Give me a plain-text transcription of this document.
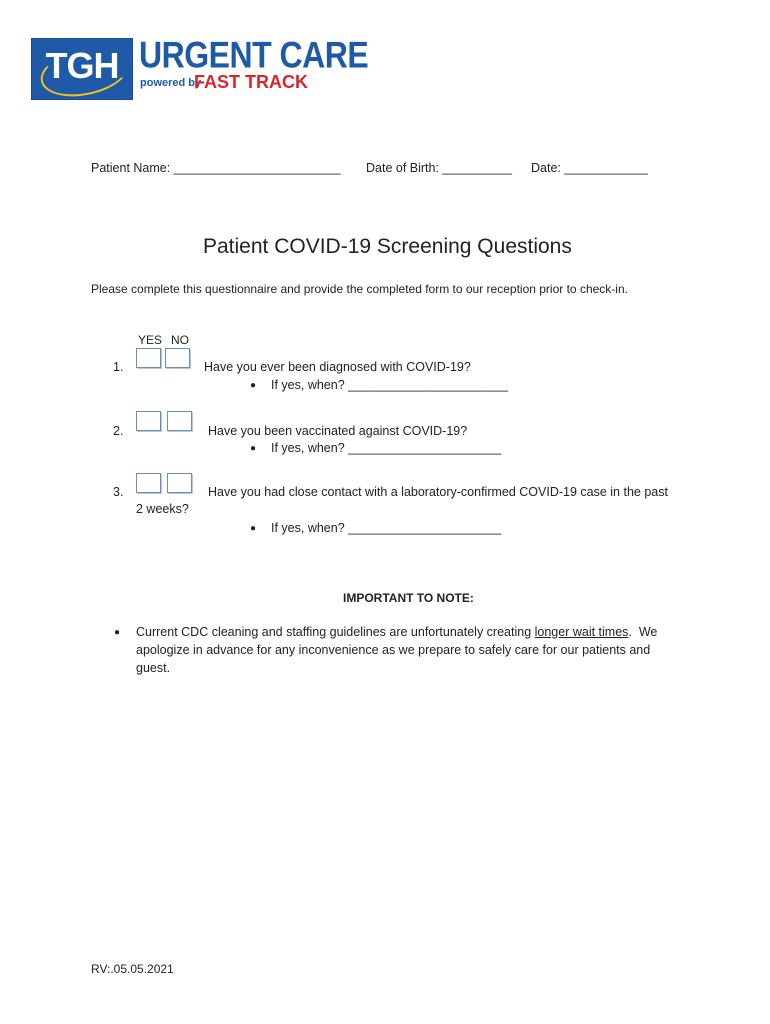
TGH URGENT CARE
powered by
FAST TRACK
Patient Name: ________________________ Date of Birth: __________ Date: ____________
Patient COVID-19 Screening Questions
Please complete this questionnaire and provide the completed form to our reception prior to check-in.
YES NO
1.	Have you ever been diagnosed with COVID-19?
● If yes, when? _______________________
2.	Have you been vaccinated against COVID-19?
● If yes, when? ______________________
3.	Have you had close contact with a laboratory-confirmed COVID-19 case in the past
2 weeks?
● If yes, when? ______________________
IMPORTANT TO NOTE:
● Current CDC cleaning and staffing guidelines are unfortunately creating longer wait times.  We
apologize in advance for any inconvenience as we prepare to safely care for our patients and
guest.
RV:.05.05.2021
